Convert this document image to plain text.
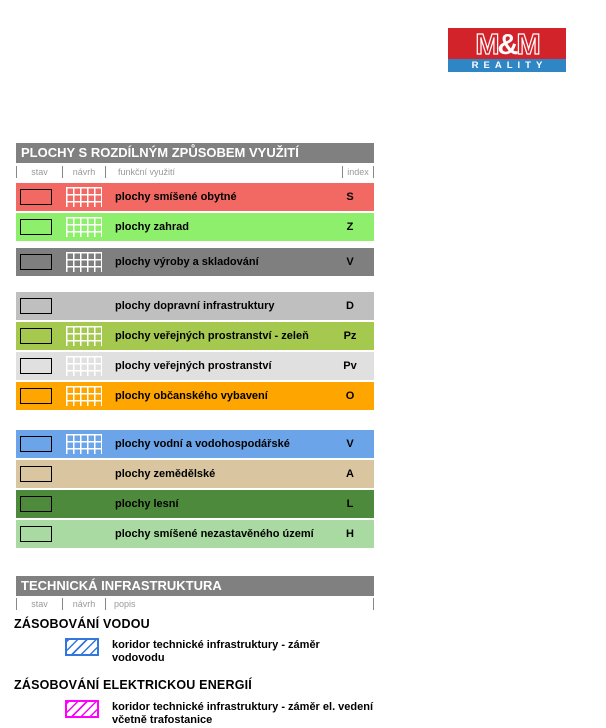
M&M
REALITY
PLOCHY S ROZDÍLNÝM ZPŮSOBEM VYUŽITÍ
stav	návrh	funkční využití	index
plochy smíšené obytné	S
plochy zahrad	Z
plochy výroby a skladování	V
plochy dopravní infrastruktury	D
plochy veřejných prostranství - zeleň	Pz
plochy veřejných prostranství	Pv
plochy občanského vybavení	O
plochy vodní a vodohospodářské	V
plochy zemědělské	A
plochy lesní	L
plochy smíšené nezastavěného území	H
TECHNICKÁ INFRASTRUKTURA
stav	návrh	popis
ZÁSOBOVÁNÍ VODOU
koridor technické infrastruktury - záměr vodovodu
ZÁSOBOVÁNÍ ELEKTRICKOU ENERGIÍ
koridor technické infrastruktury - záměr el. vedení včetně trafostanice
